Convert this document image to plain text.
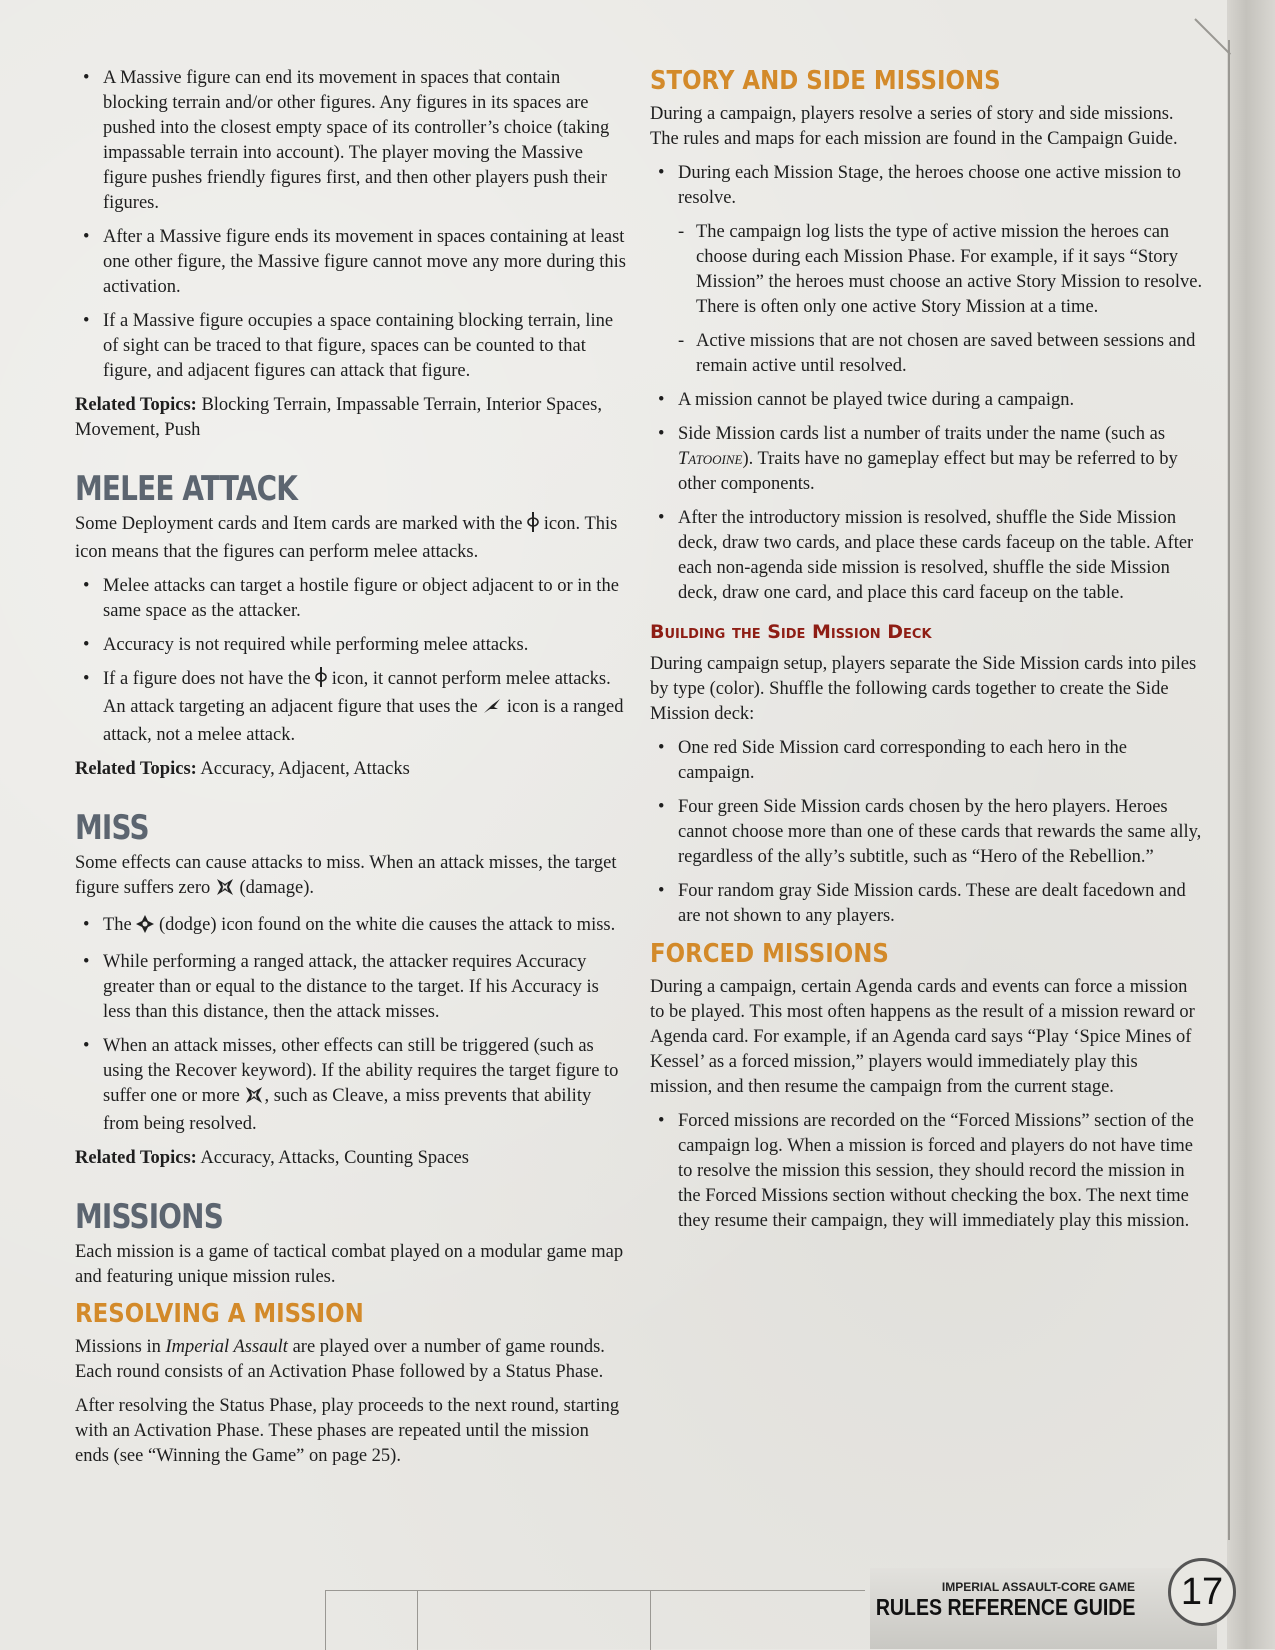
• A Massive figure can end its movement in spaces that contain blocking terrain and/or other figures. Any figures in its spaces are pushed into the closest empty space of its controller’s choice (taking impassable terrain into account). The player moving the Massive figure pushes friendly figures first, and then other players push their figures.
• After a Massive figure ends its movement in spaces containing at least one other figure, the Massive figure cannot move any more during this activation.
• If a Massive figure occupies a space containing blocking terrain, line of sight can be traced to that figure, spaces can be counted to that figure, and adjacent figures can attack that figure.

Related Topics: Blocking Terrain, Impassable Terrain, Interior Spaces, Movement, Push

MELEE ATTACK

Some Deployment cards and Item cards are marked with the  icon. This icon means that the figures can perform melee attacks.

• Melee attacks can target a hostile figure or object adjacent to or in the same space as the attacker.
• Accuracy is not required while performing melee attacks.
• If a figure does not have the  icon, it cannot perform melee attacks. An attack targeting an adjacent figure that uses the  icon is a ranged attack, not a melee attack.

Related Topics: Accuracy, Adjacent, Attacks

MISS

Some effects can cause attacks to miss. When an attack misses, the target figure suffers zero  (damage).

• The  (dodge) icon found on the white die causes the attack to miss.
• While performing a ranged attack, the attacker requires Accuracy greater than or equal to the distance to the target. If his Accuracy is less than this distance, then the attack misses.
• When an attack misses, other effects can still be triggered (such as using the Recover keyword). If the ability requires the target figure to suffer one or more , such as Cleave, a miss prevents that ability from being resolved.

Related Topics: Accuracy, Attacks, Counting Spaces

MISSIONS

Each mission is a game of tactical combat played on a modular game map and featuring unique mission rules.

RESOLVING A MISSION

Missions in Imperial Assault are played over a number of game rounds. Each round consists of an Activation Phase followed by a Status Phase.

After resolving the Status Phase, play proceeds to the next round, starting with an Activation Phase. These phases are repeated until the mission ends (see “Winning the Game” on page 25).

STORY AND SIDE MISSIONS

During a campaign, players resolve a series of story and side missions. The rules and maps for each mission are found in the Campaign Guide.

• During each Mission Stage, the heroes choose one active mission to resolve.
- The campaign log lists the type of active mission the heroes can choose during each Mission Phase. For example, if it says “Story Mission” the heroes must choose an active Story Mission to resolve. There is often only one active Story Mission at a time.
- Active missions that are not chosen are saved between sessions and remain active until resolved.
• A mission cannot be played twice during a campaign.
• Side Mission cards list a number of traits under the name (such as Tatooine). Traits have no gameplay effect but may be referred to by other components.
• After the introductory mission is resolved, shuffle the Side Mission deck, draw two cards, and place these cards faceup on the table. After each non-agenda side mission is resolved, shuffle the side Mission deck, draw one card, and place this card faceup on the table.
Building the Side Mission Deck

During campaign setup, players separate the Side Mission cards into piles by type (color). Shuffle the following cards together to create the Side Mission deck:

• One red Side Mission card corresponding to each hero in the campaign.
• Four green Side Mission cards chosen by the hero players. Heroes cannot choose more than one of these cards that rewards the same ally, regardless of the ally’s subtitle, such as “Hero of the Rebellion.”
• Four random gray Side Mission cards. These are dealt facedown and are not shown to any players.
FORCED MISSIONS

During a campaign, certain Agenda cards and events can force a mission to be played. This most often happens as the result of a mission reward or Agenda card. For example, if an Agenda card says “Play ‘Spice Mines of Kessel’ as a forced mission,” players would immediately play this mission, and then resume the campaign from the current stage.

• Forced missions are recorded on the “Forced Missions” section of the campaign log. When a mission is forced and players do not have time to resolve the mission this session, they should record the mission in the Forced Missions section without checking the box. The next time they resume their campaign, they will immediately play this mission.
IMPERIAL ASSAULT-CORE GAME
RULES REFERENCE GUIDE	17
